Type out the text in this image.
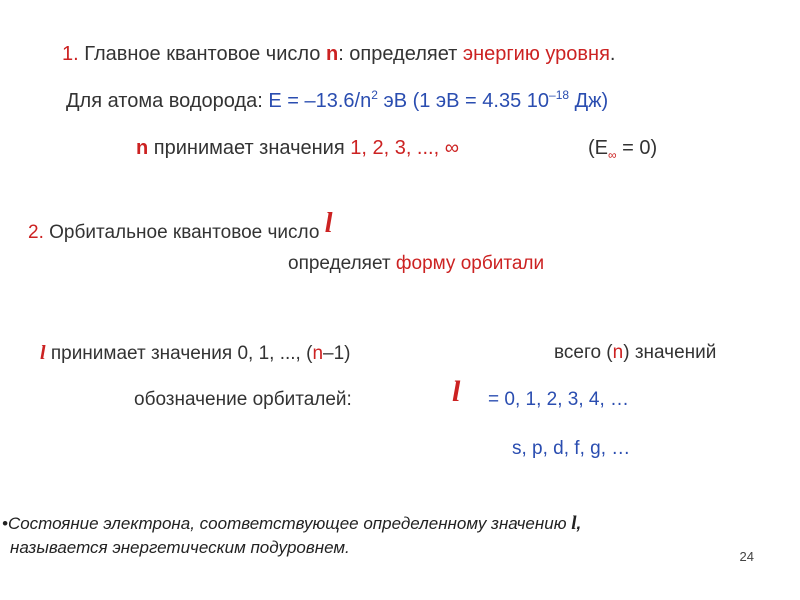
1. Главное квантовое число n: определяет энергию уровня.
Для атома водорода: $E = -13.6/n^2$ эВ (1 эВ = 4.35 $10^{-18}$ Дж)
n принимает значения 1, 2, 3, ..., ∞	$(E_\infty = 0)$
2. Орбитальное квантовое число l
определяет форму орбитали
l принимает значения 0, 1, ..., (n–1)	всего (n) значений
обозначение орбиталей:	l = 0, 1, 2, 3, 4, …
s, p, d, f, g, …
•Состояние электрона, соответствующее определенному значению l,
называется энергетическим подуровнем.	24
